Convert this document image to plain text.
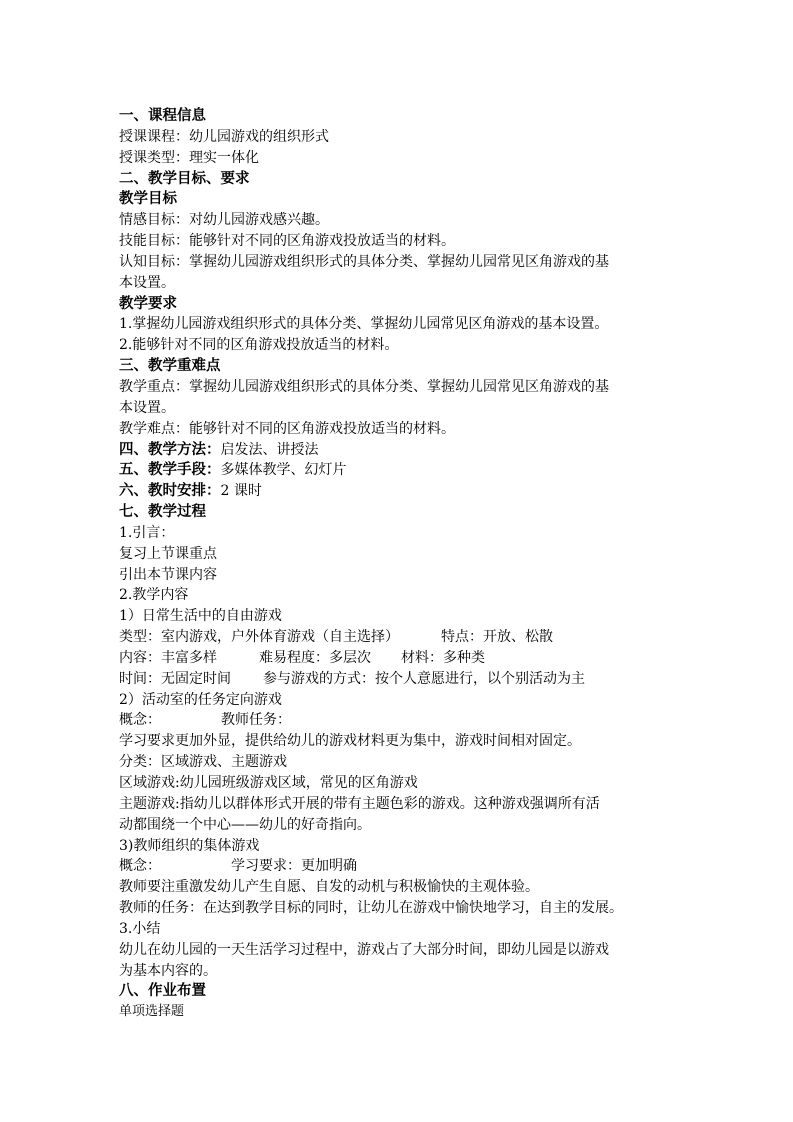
一、课程信息
授课课程：幼儿园游戏的组织形式
授课类型：理实一体化
二、教学目标、要求
教学目标
情感目标：对幼儿园游戏感兴趣。
技能目标：能够针对不同的区角游戏投放适当的材料。
认知目标：掌握幼儿园游戏组织形式的具体分类、掌握幼儿园常见区角游戏的基
本设置。
教学要求
1.掌握幼儿园游戏组织形式的具体分类、掌握幼儿园常见区角游戏的基本设置。
2.能够针对不同的区角游戏投放适当的材料。
三、教学重难点
教学重点：掌握幼儿园游戏组织形式的具体分类、掌握幼儿园常见区角游戏的基
本设置。
教学难点：能够针对不同的区角游戏投放适当的材料。
四、教学方法：启发法、讲授法
五、教学手段：多媒体教学、幻灯片
六、教时安排：2 课时
七、教学过程
1.引言：
复习上节课重点
引出本节课内容
2.教学内容
1）日常生活中的自由游戏
类型：室内游戏，户外体育游戏（自主选择）	特点：开放、松散
内容：丰富多样	难易程度：多层次 材料：多种类
时间：无固定时间 参与游戏的方式：按个人意愿进行，以个别活动为主
2）活动室的任务定向游戏
概念：	教师任务：
学习要求更加外显，提供给幼儿的游戏材料更为集中，游戏时间相对固定。
分类：区域游戏、主题游戏
区域游戏:幼儿园班级游戏区域，常见的区角游戏
主题游戏:指幼儿以群体形式开展的带有主题色彩的游戏。这种游戏强调所有活
动都围绕一个中心——幼儿的好奇指向。
3)教师组织的集体游戏
概念：	学习要求：更加明确
教师要注重激发幼儿产生自愿、自发的动机与积极愉快的主观体验。
教师的任务：在达到教学目标的同时，让幼儿在游戏中愉快地学习，自主的发展。
3.小结
幼儿在幼儿园的一天生活学习过程中，游戏占了大部分时间，即幼儿园是以游戏
为基本内容的。
八、作业布置
单项选择题
